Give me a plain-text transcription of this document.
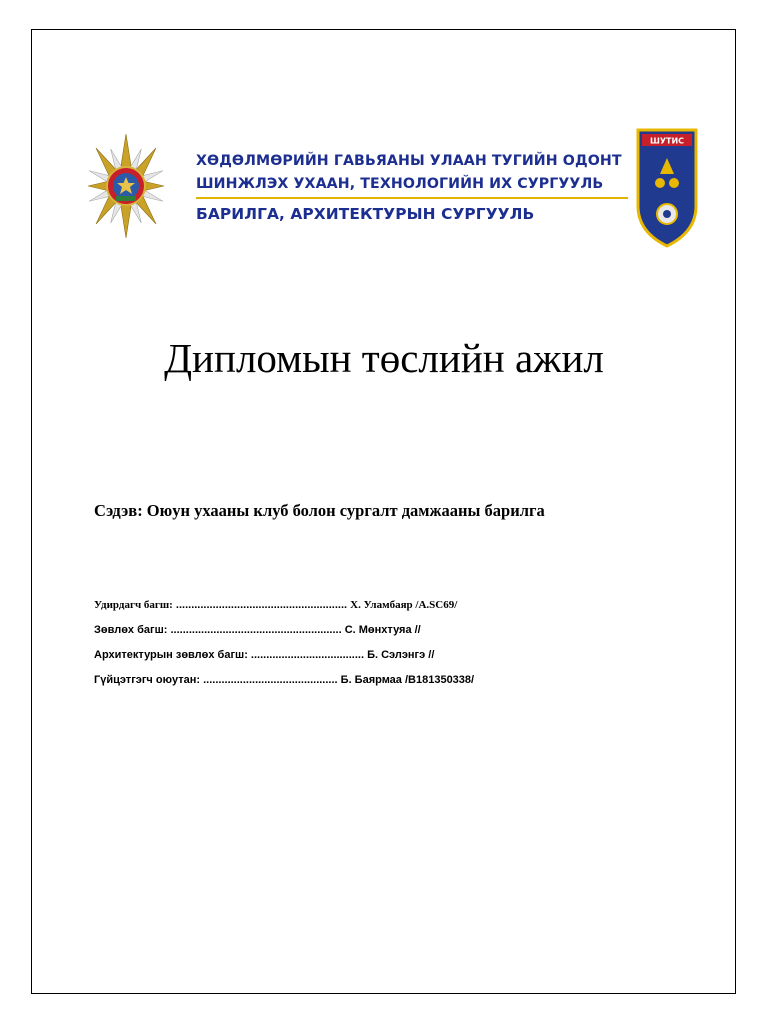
ХӨДӨЛМӨРИЙН ГАВЬЯАНЫ УЛААН ТУГИЙН ОДОНТ
ШИНЖЛЭХ УХААН, ТЕХНОЛОГИЙН ИХ СУРГУУЛЬ
БАРИЛГА, АРХИТЕКТУРЫН СУРГУУЛЬ
ШУТИС
Дипломын төслийн ажил
Сэдэв: Оюун ухааны клуб болон сургалт дамжааны барилга
Удирдагч багш: ........................................................ Х. Уламбаяр /A.SC69/
Зөвлөх багш: ........................................................ С. Мөнхтуяа //
Архитектурын зөвлөх багш: ..................................... Б. Сэлэнгэ //
Гүйцэтгэгч оюутан: ............................................ Б. Баярмаа /B181350338/
